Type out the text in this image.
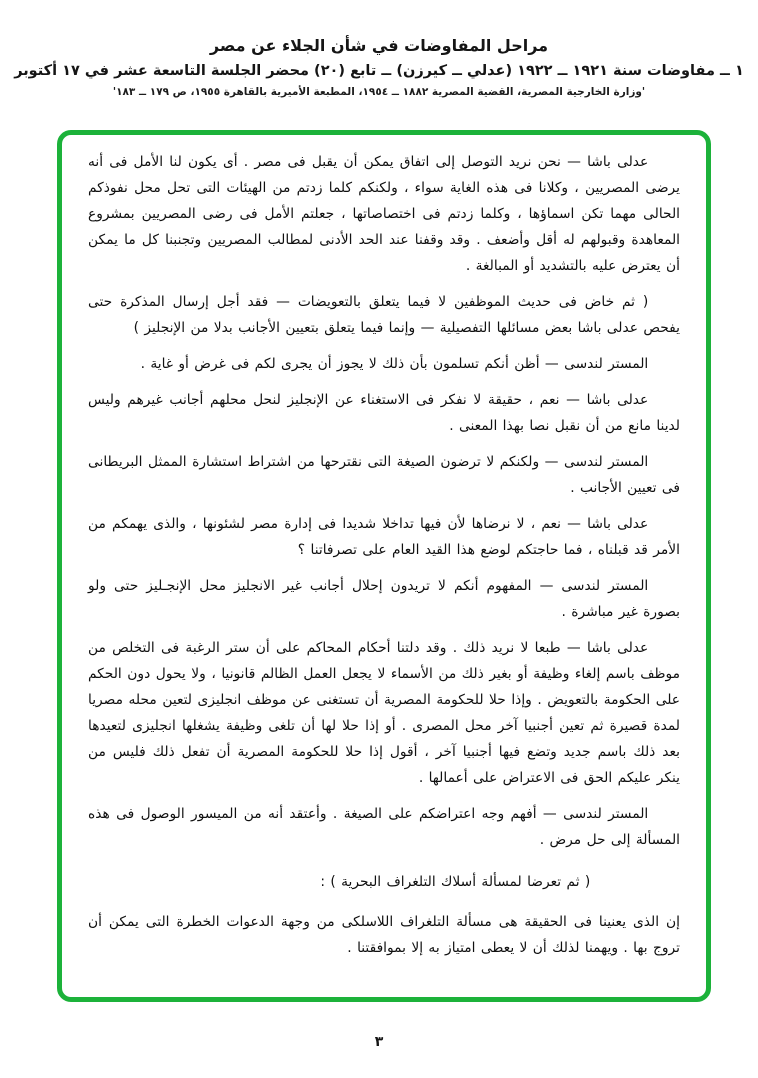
مراحل المفاوضات في شأن الجلاء عن مصر
١ ــ مفاوضات سنة ١٩٢١ ــ ١٩٢٢ (عدلي ــ كيرزن) ــ تابع (٢٠) محضر الجلسة التاسعة عشر في ١٧ أكتوبر
'وزارة الخارجية المصرية، القضية المصرية ١٨٨٢ ــ ١٩٥٤، المطبعة الأميرية بالقاهرة ١٩٥٥، ص ١٧٩ ــ ١٨٣'

عدلى باشا — نحن نريد التوصل إلى اتفاق يمكن أن يقبل فى مصر . أى يكون لنا الأمل فى أنه يرضى المصريين ، وكلانا فى هذه الغاية سواء ، ولكنكم كلما زدتم من الهيئات التى تحل محل نفوذكم الحالى مهما تكن اسماؤها ، وكلما زدتم فى اختصاصاتها ، جعلتم الأمل فى رضى المصريين بمشروع المعاهدة وقبولهم له أقل وأضعف . وقد وقفنا عند الحد الأدنى لمطالب المصريين وتجنبنا كل ما يمكن أن يعترض عليه بالتشديد أو المبالغة .

( ثم خاض فى حديث الموظفين لا فيما يتعلق بالتعويضات — فقد أجل إرسال المذكرة حتى يفحص عدلى باشا بعض مسائلها التفصيلية — وإنما فيما يتعلق بتعيين الأجانب بدلا من الإنجليز )

المستر لندسى — أظن أنكم تسلمون بأن ذلك لا يجوز أن يجرى لكم فى غرض أو غاية .

عدلى باشا — نعم ، حقيقة لا نفكر فى الاستغناء عن الإنجليز لنحل محلهم أجانب غيرهم وليس لدينا مانع من أن نقبل نصا بهذا المعنى .

المستر لندسى — ولكنكم لا ترضون الصيغة التى نقترحها من اشتراط استشارة الممثل البريطانى فى تعيين الأجانب .

عدلى باشا — نعم ، لا نرضاها لأن فيها تداخلا شديدا فى إدارة مصر لشئونها ، والذى يهمكم من الأمر قد قبلناه ، فما حاجتكم لوضع هذا القيد العام على تصرفاتنا ؟

المستر لندسى — المفهوم أنكم لا تريدون إحلال أجانب غير الانجليز محل الإنجـليز حتى ولو بصورة غير مباشرة .

عدلى باشا — طبعا لا نريد ذلك . وقد دلتنا أحكام المحاكم على أن ستر الرغبة فى التخلص من موظف باسم إلغاء وظيفة أو بغير ذلك من الأسماء لا يجعل العمل الظالم قانونيا ، ولا يحول دون الحكم على الحكومة بالتعويض . وإذا حلا للحكومة المصرية أن تستغنى عن موظف انجليزى لتعين محله مصريا لمدة قصيرة ثم تعين أجنبيا آخر محل المصرى . أو إذا حلا لها أن تلغى وظيفة يشغلها انجليزى لتعيدها بعد ذلك باسم جديد وتضع فيها أجنبيا آخر ، أقول إذا حلا للحكومة المصرية أن تفعل ذلك فليس من ينكر عليكم الحق فى الاعتراض على أعمالها .

المستر لندسى — أفهم وجه اعتراضكم على الصيغة . وأعتقد أنه من الميسور الوصول فى هذه المسألة إلى حل مرض .

( ثم تعرضا لمسألة أسلاك التلغراف البحرية ) :

إن الذى يعنينا فى الحقيقة هى مسألة التلغراف اللاسلكى من وجهة الدعوات الخطرة التى يمكن أن تروج بها . ويهمنا لذلك أن لا يعطى امتياز به إلا بموافقتنا .

٣
